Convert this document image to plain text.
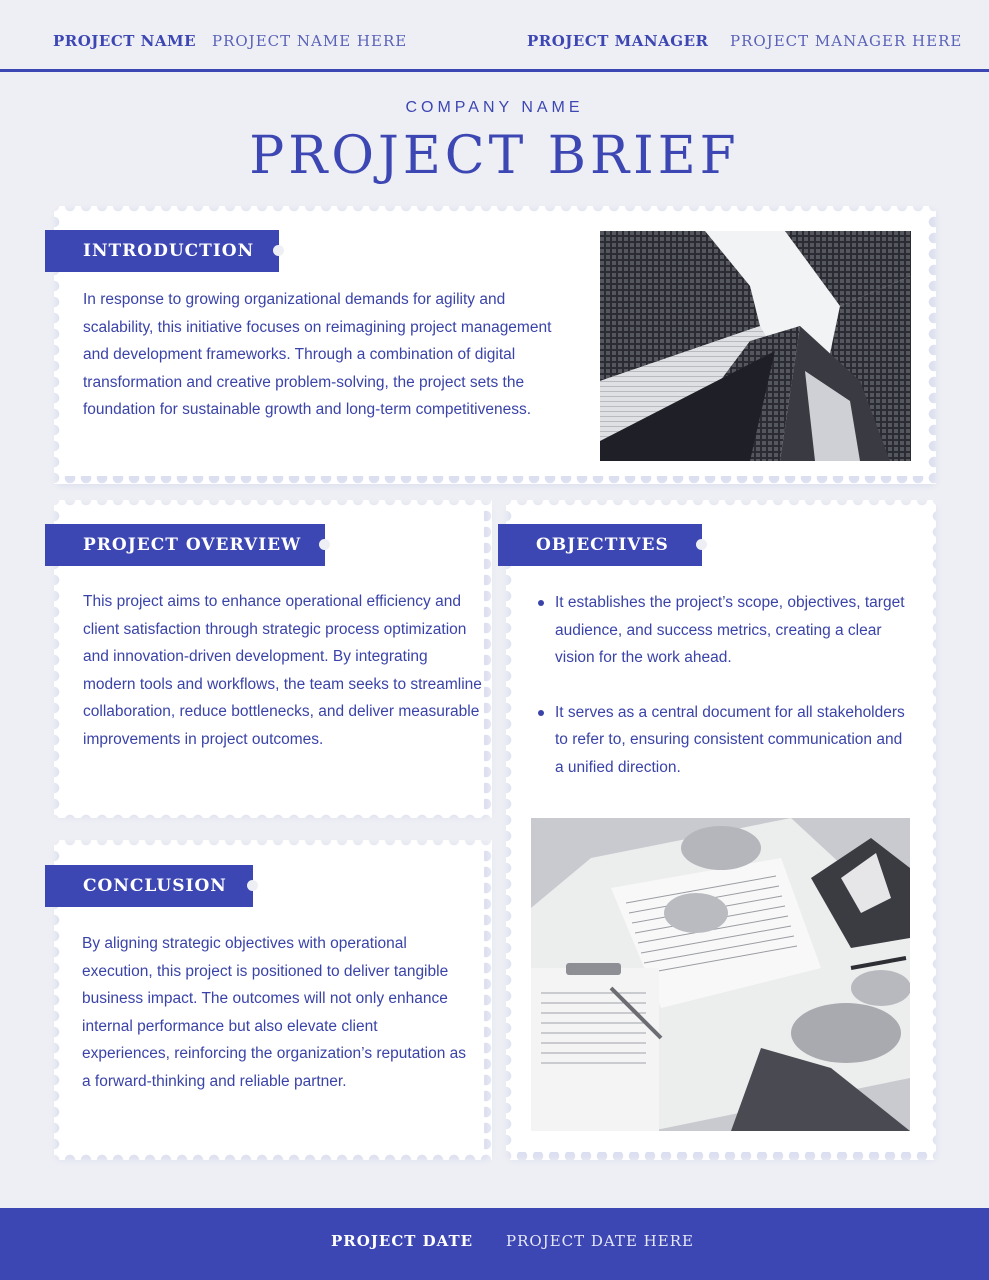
PROJECT NAME PROJECT NAME HERE	PROJECT MANAGER PROJECT MANAGER HERE
COMPANY NAME
PROJECT BRIEF
INTRODUCTION
In response to growing organizational demands for agility and scalability, this initiative focuses on reimagining project management and development frameworks. Through a combination of digital transformation and creative problem-solving, the project sets the foundation for sustainable growth and long-term competitiveness.
PROJECT OVERVIEW
This project aims to enhance operational efficiency and client satisfaction through strategic process optimization and innovation-driven development. By integrating modern tools and workflows, the team seeks to streamline collaboration, reduce bottlenecks, and deliver measurable improvements in project outcomes.
OBJECTIVES
It establishes the project’s scope, objectives, target audience, and success metrics, creating a clear vision for the work ahead.
It serves as a central document for all stakeholders to refer to, ensuring consistent communication and a unified direction.
CONCLUSION
By aligning strategic objectives with operational execution, this project is positioned to deliver tangible business impact. The outcomes will not only enhance internal performance but also elevate client experiences, reinforcing the organization’s reputation as a forward-thinking and reliable partner.
PROJECT DATE PROJECT DATE HERE
